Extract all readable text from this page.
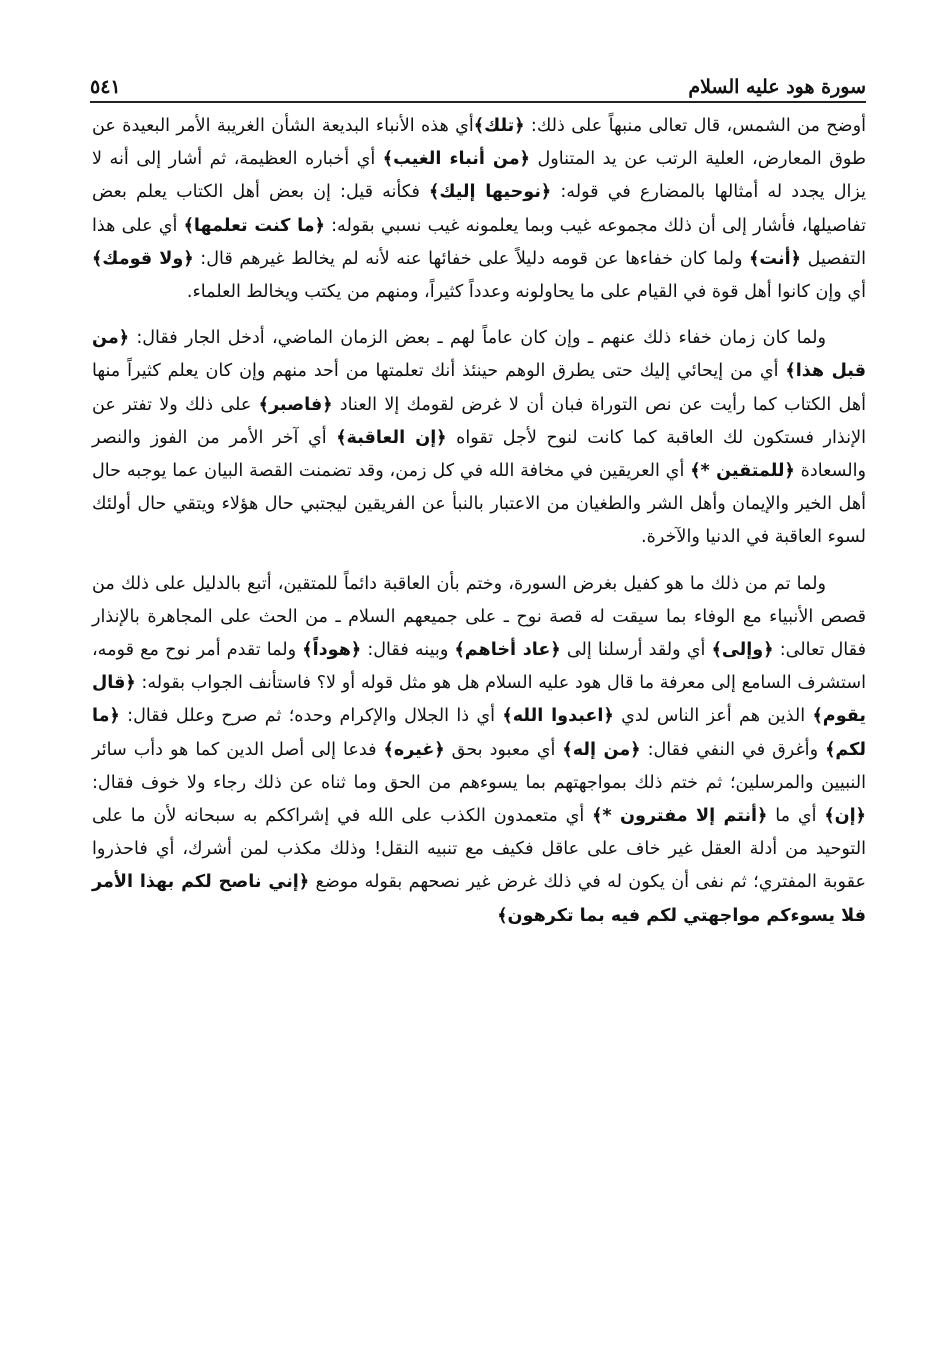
سورة هود عليه السلام
٥٤١

أوضح من الشمس، قال تعالى منبهاً على ذلك: ﴿تلك﴾أي هذه الأنباء البديعة الشأن الغريبة الأمر البعيدة عن طوق المعارض، العلية الرتب عن يد المتناول ﴿من أنباء الغيب﴾ أي أخباره العظيمة، ثم أشار إلى أنه لا يزال يجدد له أمثالها بالمضارع في قوله: ﴿نوحيها إليك﴾ فكأنه قيل: إن بعض أهل الكتاب يعلم بعض تفاصيلها، فأشار إلى أن ذلك مجموعه غيب وبما يعلمونه غيب نسبي بقوله: ﴿ما كنت تعلمها﴾ أي على هذا التفصيل ﴿أنت﴾ ولما كان خفاءها عن قومه دليلاً على خفائها عنه لأنه لم يخالط غيرهم قال: ﴿ولا قومك﴾ أي وإن كانوا أهل قوة في القيام على ما يحاولونه وعدداً كثيراً، ومنهم من يكتب ويخالط العلماء.

ولما كان زمان خفاء ذلك عنهم ـ وإن كان عاماً لهم ـ بعض الزمان الماضي، أدخل الجار فقال: ﴿من قبل هذا﴾ أي من إيحائي إليك حتى يطرق الوهم حينئذ أنك تعلمتها من أحد منهم وإن كان يعلم كثيراً منها أهل الكتاب كما رأيت عن نص التوراة فبان أن لا غرض لقومك إلا العناد ﴿فاصبر﴾ على ذلك ولا تفتر عن الإنذار فستكون لك العاقبة كما كانت لنوح لأجل تقواه ﴿إن العاقبة﴾ أي آخر الأمر من الفوز والنصر والسعادة ﴿للمتقين *﴾ أي العريقين في مخافة الله في كل زمن، وقد تضمنت القصة البيان عما يوجبه حال أهل الخير والإيمان وأهل الشر والطغيان من الاعتبار بالنبأ عن الفريقين ليجتبي حال هؤلاء ويتقي حال أولئك لسوء العاقبة في الدنيا والآخرة.

ولما تم من ذلك ما هو كفيل بغرض السورة، وختم بأن العاقبة دائماً للمتقين، أتبع بالدليل على ذلك من قصص الأنبياء مع الوفاء بما سيقت له قصة نوح ـ على جميعهم السلام ـ من الحث على المجاهرة بالإنذار فقال تعالى: ﴿وإلى﴾ أي ولقد أرسلنا إلى ﴿عاد أخاهم﴾ وبينه فقال: ﴿هوداً﴾ ولما تقدم أمر نوح مع قومه، استشرف السامع إلى معرفة ما قال هود عليه السلام هل هو مثل قوله أو لا؟ فاستأنف الجواب بقوله: ﴿قال يقوم﴾ الذين هم أعز الناس لدي ﴿اعبدوا الله﴾ أي ذا الجلال والإكرام وحده؛ ثم صرح وعلل فقال: ﴿ما لكم﴾ وأغرق في النفي فقال: ﴿من إله﴾ أي معبود بحق ﴿غيره﴾ فدعا إلى أصل الدين كما هو دأب سائر النبيين والمرسلين؛ ثم ختم ذلك بمواجهتهم بما يسوءهم من الحق وما ثناه عن ذلك رجاء ولا خوف فقال: ﴿إن﴾ أي ما ﴿أنتم إلا مفترون *﴾ أي متعمدون الكذب على الله في إشراككم به سبحانه لأن ما على التوحيد من أدلة العقل غير خاف على عاقل فكيف مع تنبيه النقل! وذلك مكذب لمن أشرك، أي فاحذروا عقوبة المفتري؛ ثم نفى أن يكون له في ذلك غرض غير نصحهم بقوله موضع ﴿إني ناصح لكم بهذا الأمر فلا يسوءكم مواجهتي لكم فيه بما تكرهون﴾
